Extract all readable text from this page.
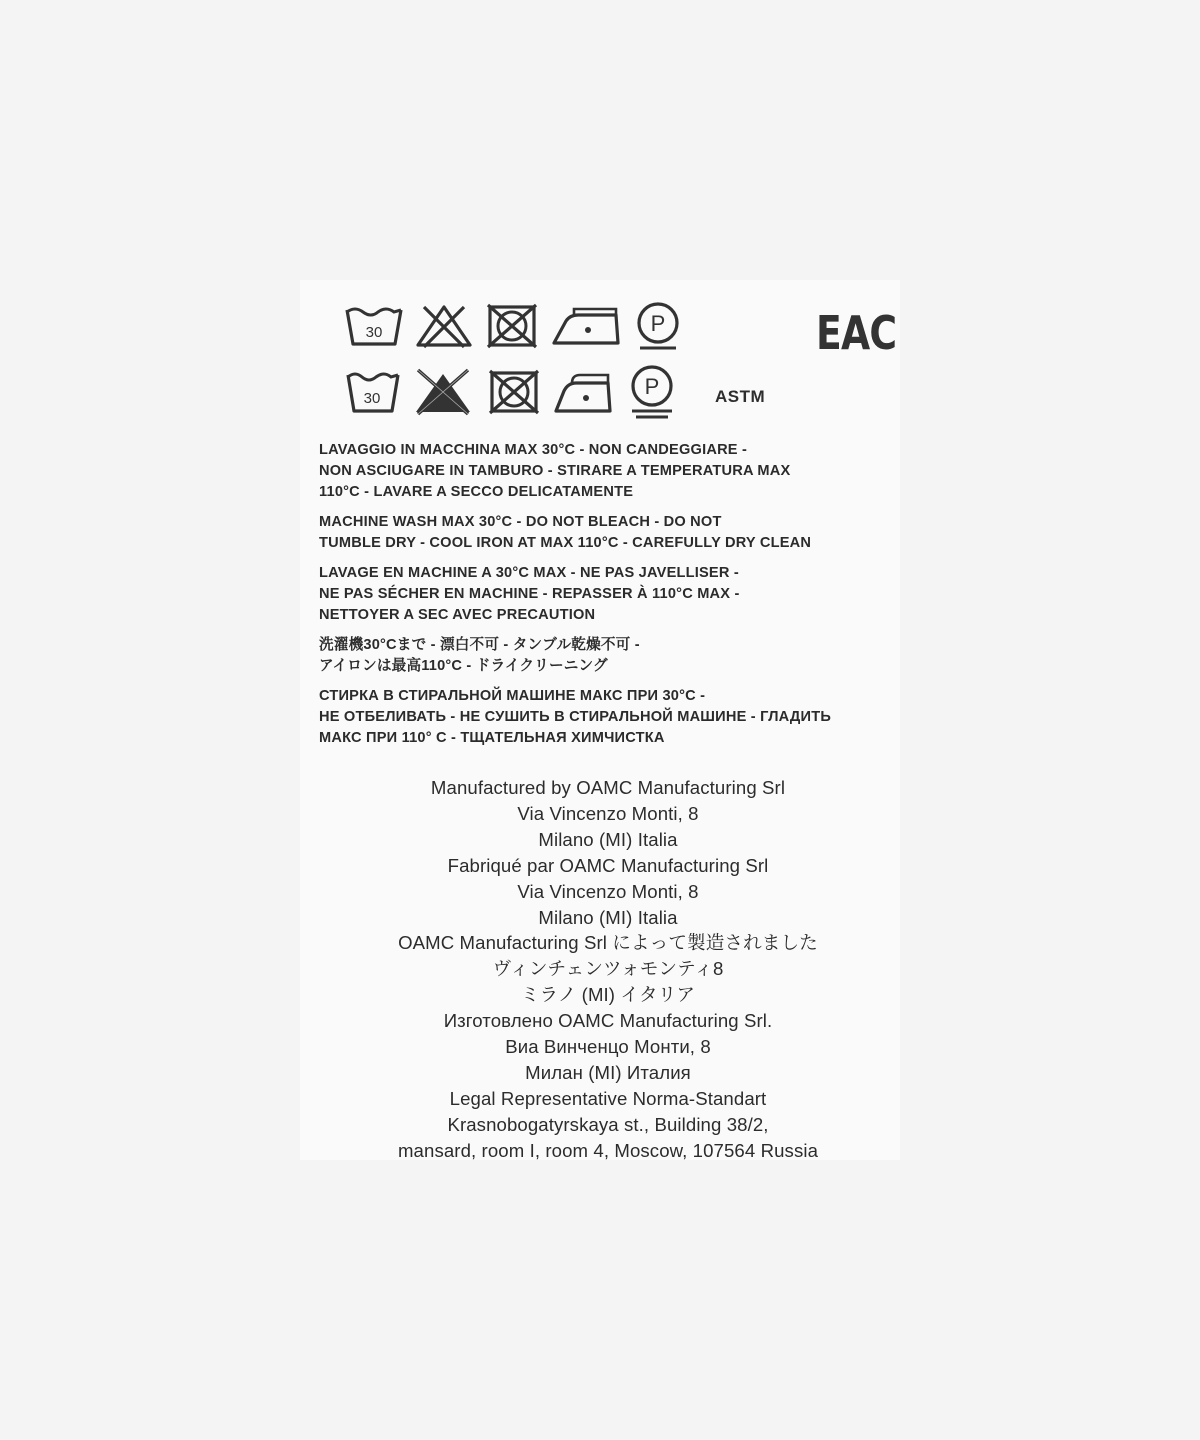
30	P	EAC
30	P	ASTM
LAVAGGIO IN MACCHINA MAX 30°C - NON CANDEGGIARE -
NON ASCIUGARE IN TAMBURO - STIRARE A TEMPERATURA MAX
110°C - LAVARE A SECCO DELICATAMENTE
MACHINE WASH MAX 30°C - DO NOT BLEACH - DO NOT
TUMBLE DRY - COOL IRON AT MAX 110°C - CAREFULLY DRY CLEAN
LAVAGE EN MACHINE A 30°C MAX - NE PAS JAVELLISER -
NE PAS SÉCHER EN MACHINE - REPASSER À 110°C MAX -
NETTOYER A SEC AVEC PRECAUTION
洗濯機30°Cまで - 漂白不可 - タンブル乾燥不可 -
アイロンは最高110°C - ドライクリーニング
СТИРКА В СТИРАЛЬНОЙ МАШИНЕ МАКС ПРИ 30°C -
НЕ ОТБЕЛИВАТЬ - НЕ СУШИТЬ В СТИРАЛЬНОЙ МАШИНЕ - ГЛАДИТЬ
МАКС ПРИ 110° C - ТЩАТЕЛЬНАЯ ХИМЧИСТКА
Manufactured by OAMC Manufacturing Srl
Via Vincenzo Monti, 8
Milano (MI) Italia
Fabriqué par OAMC Manufacturing Srl
Via Vincenzo Monti, 8
Milano (MI) Italia
OAMC Manufacturing Srl によって製造されました
ヴィンチェンツォモンティ8
ミラノ (MI) イタリア
Изготовлено OAMC Manufacturing Srl.
Виа Винченцо Монти, 8
Милан (MI) Италия
Legal Representative Norma-Standart
Krasnobogatyrskaya st., Building 38/2,
mansard, room I, room 4, Moscow, 107564 Russia
